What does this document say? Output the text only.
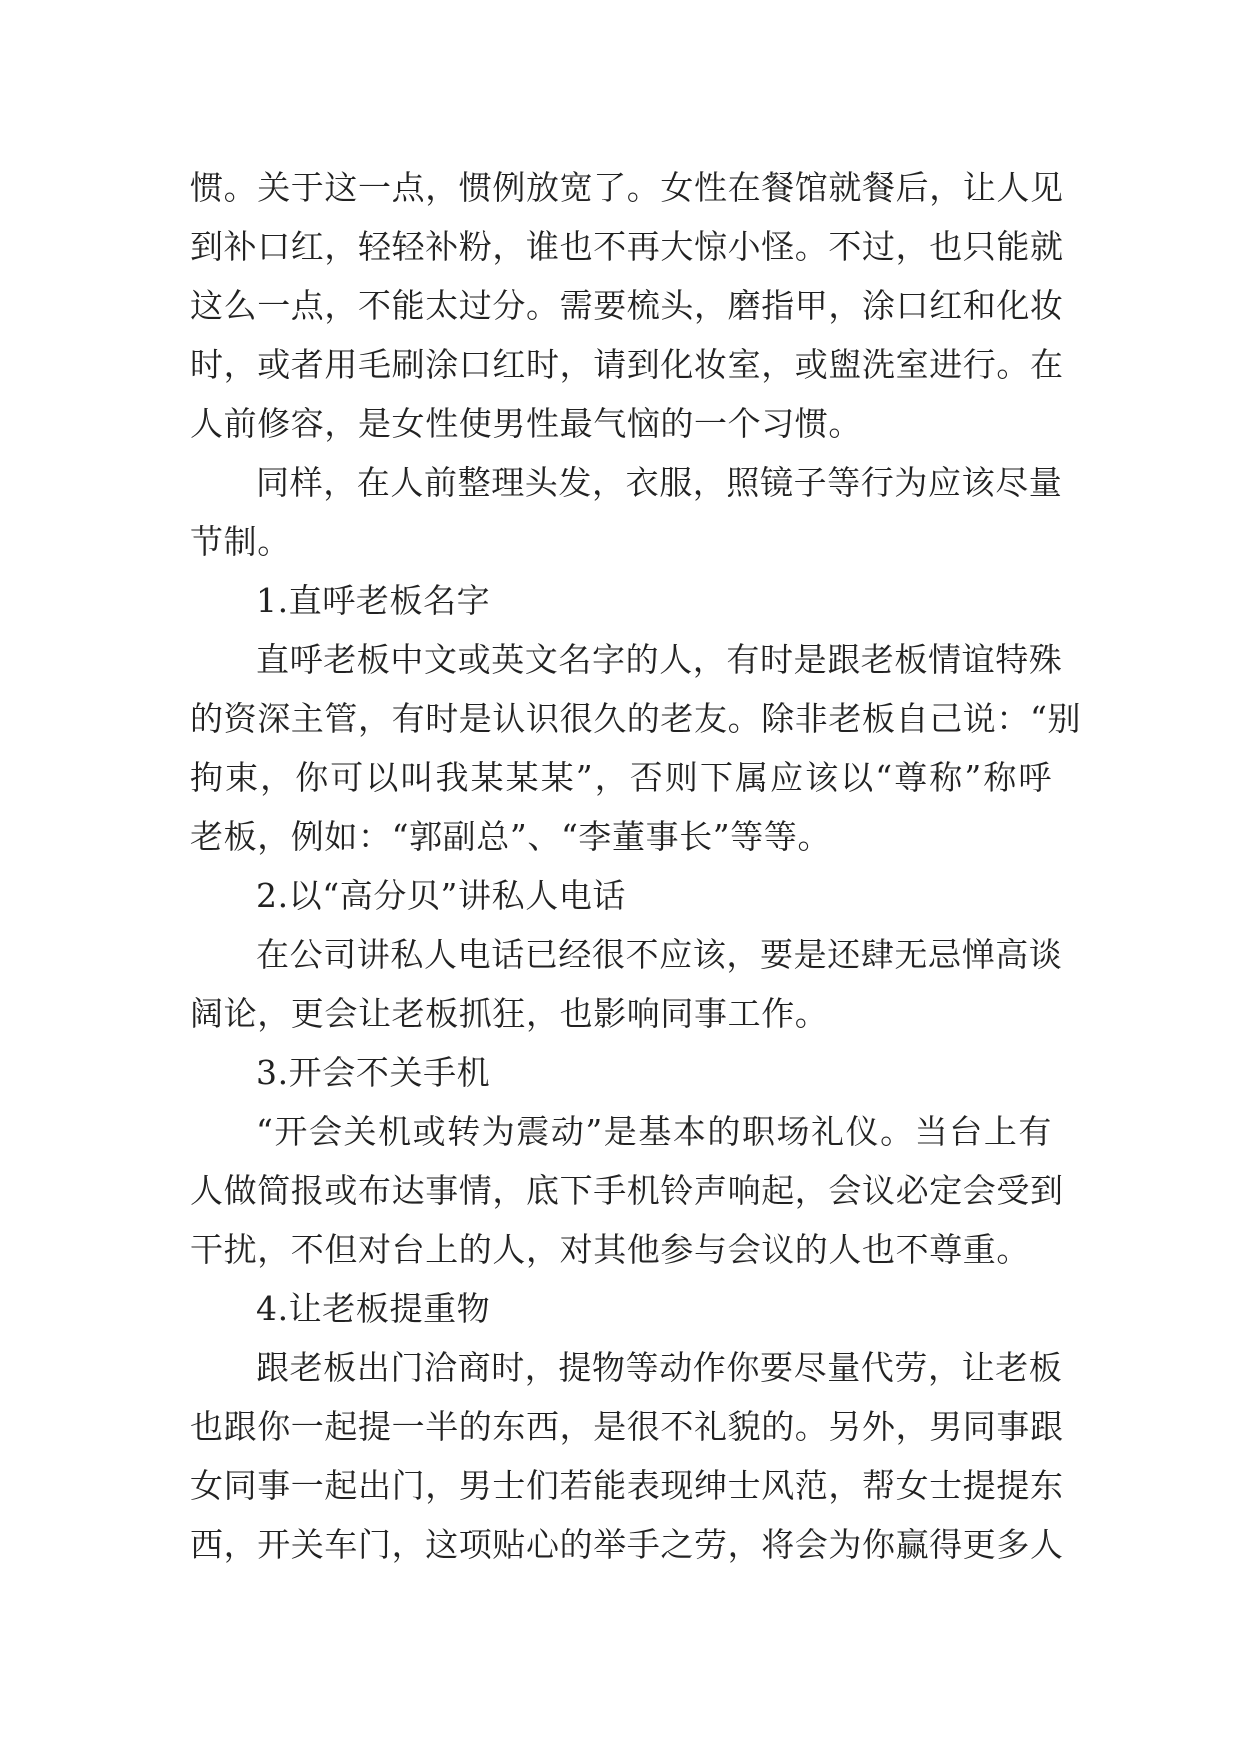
惯。关于这一点，惯例放宽了。女性在餐馆就餐后，让人见
到补口红，轻轻补粉，谁也不再大惊小怪。不过，也只能就
这么一点，不能太过分。需要梳头，磨指甲，涂口红和化妆
时，或者用毛刷涂口红时，请到化妆室，或盥洗室进行。在
人前修容，是女性使男性最气恼的一个习惯。
同样，在人前整理头发，衣服，照镜子等行为应该尽量
节制。
1.直呼老板名字
直呼老板中文或英文名字的人，有时是跟老板情谊特殊
的资深主管，有时是认识很久的老友。除非老板自己说：“别
拘束，你可以叫我某某某”，否则下属应该以“尊称”称呼
老板，例如：“郭副总”、“李董事长”等等。
2.以“高分贝”讲私人电话
在公司讲私人电话已经很不应该，要是还肆无忌惮高谈
阔论，更会让老板抓狂，也影响同事工作。
3.开会不关手机
“开会关机或转为震动”是基本的职场礼仪。当台上有
人做简报或布达事情，底下手机铃声响起，会议必定会受到
干扰，不但对台上的人，对其他参与会议的人也不尊重。
4.让老板提重物
跟老板出门洽商时，提物等动作你要尽量代劳，让老板
也跟你一起提一半的东西，是很不礼貌的。另外，男同事跟
女同事一起出门，男士们若能表现绅士风范，帮女士提提东
西，开关车门，这项贴心的举手之劳，将会为你赢得更多人
